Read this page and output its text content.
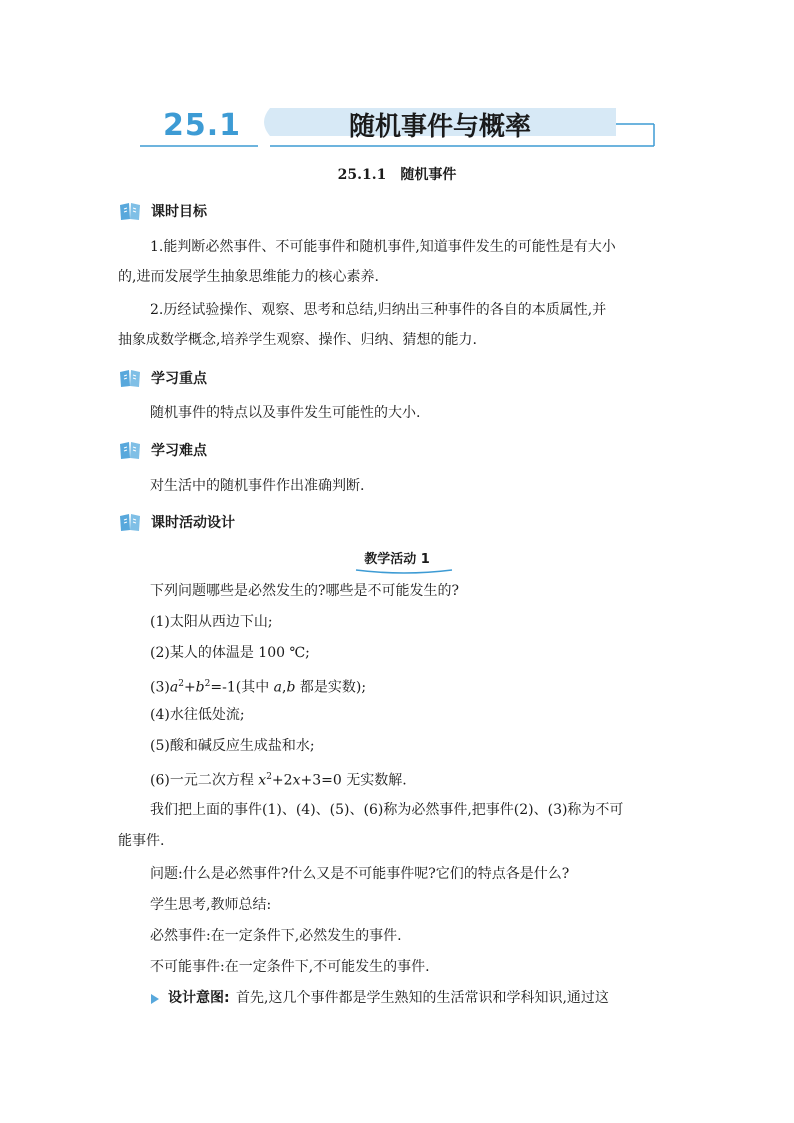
25.1	随机事件与概率
25.1.1　随机事件
课时目标
1.能判断必然事件、不可能事件和随机事件,知道事件发生的可能性是有大小
的,进而发展学生抽象思维能力的核心素养.
2.历经试验操作、观察、思考和总结,归纳出三种事件的各自的本质属性,并
抽象成数学概念,培养学生观察、操作、归纳、猜想的能力.
学习重点
随机事件的特点以及事件发生可能性的大小.
学习难点
对生活中的随机事件作出准确判断.
课时活动设计
教学活动 1
下列问题哪些是必然发生的?哪些是不可能发生的?
(1)太阳从西边下山;
(2)某人的体温是 100 ℃;
$(3)a^2+b^2=-1$(其中 a,b 都是实数);
(4)水往低处流;
(5)酸和碱反应生成盐和水;
(6)一元二次方程 $x^2+2x+3=0$ 无实数解.
我们把上面的事件(1)、(4)、(5)、(6)称为必然事件,把事件(2)、(3)称为不可
能事件.
问题:什么是必然事件?什么又是不可能事件呢?它们的特点各是什么?
学生思考,教师总结:
必然事件:在一定条件下,必然发生的事件.
不可能事件:在一定条件下,不可能发生的事件.
设计意图: 首先,这几个事件都是学生熟知的生活常识和学科知识,通过这
